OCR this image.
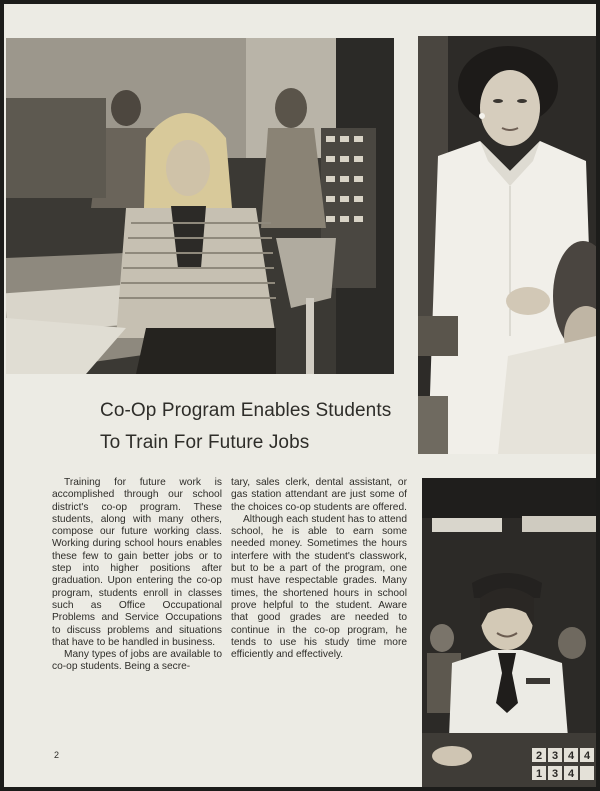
2 3 4 4
1 3 4
Co-Op Program Enables Students
To Train For Future Jobs

Training for future work is accomplished through our school district's co-op program. These students, along with many others, compose our future working class. Working during school hours enables these few to gain better jobs or to step into higher positions after graduation. Upon entering the co-op program, students enroll in classes such as Office Occupational Problems and Service Occupations to discuss problems and situations that have to be handled in business.

Many types of jobs are available to co-op students. Being a secre-

tary, sales clerk, dental assistant, or gas station attendant are just some of the choices co-op students are offered.

Although each student has to attend school, he is able to earn some needed money. Sometimes the hours interfere with the student's classwork, but to be a part of the program, one must have respectable grades. Many times, the shortened hours in school prove helpful to the student. Aware that good grades are needed to continue in the co-op program, he tends to use his study time more efficiently and effectively.

2
